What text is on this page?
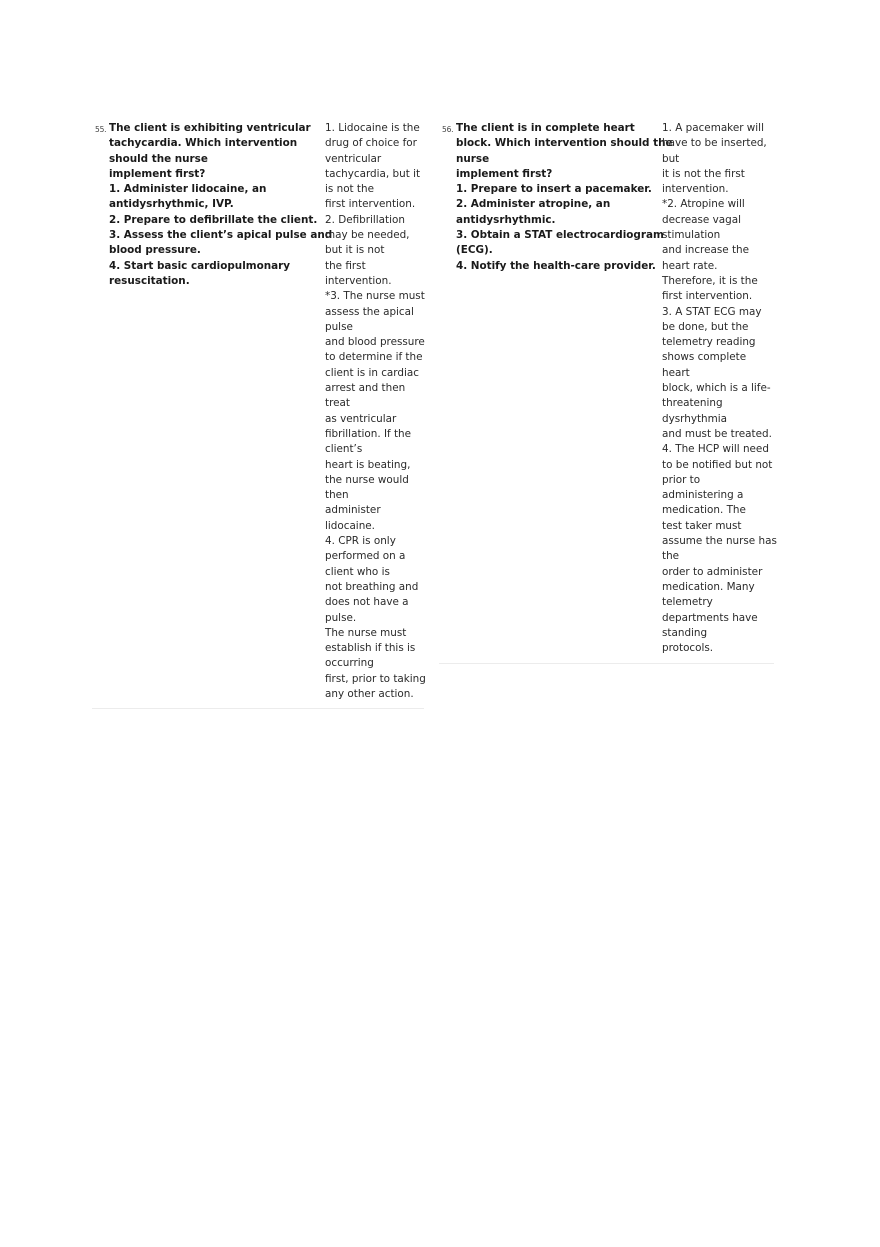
55. The client is exhibiting ventricular
tachycardia. Which intervention
should the nurse
implement first?
1. Administer lidocaine, an
antidysrhythmic, IVP.
2. Prepare to defibrillate the client.
3. Assess the client’s apical pulse and
blood pressure.
4. Start basic cardiopulmonary
resuscitation.
1. Lidocaine is the
drug of choice for
ventricular
tachycardia, but it
is not the
first intervention.
2. Defibrillation
may be needed,
but it is not
the first
intervention.
*3. The nurse must
assess the apical
pulse
and blood pressure
to determine if the
client is in cardiac
arrest and then
treat
as ventricular
fibrillation. If the
client’s
heart is beating,
the nurse would
then
administer
lidocaine.
4. CPR is only
performed on a
client who is
not breathing and
does not have a
pulse.
The nurse must
establish if this is
occurring
first, prior to taking
any other action.
56. The client is in complete heart
block. Which intervention should the
nurse
implement first?
1. Prepare to insert a pacemaker.
2. Administer atropine, an
antidysrhythmic.
3. Obtain a STAT electrocardiogram
(ECG).
4. Notify the health-care provider.
1. A pacemaker will
have to be inserted,
but
it is not the first
intervention.
*2. Atropine will
decrease vagal
stimulation
and increase the
heart rate.
Therefore, it is the
first intervention.
3. A STAT ECG may
be done, but the
telemetry reading
shows complete
heart
block, which is a life-
threatening
dysrhythmia
and must be treated.
4. The HCP will need
to be notified but not
prior to
administering a
medication. The
test taker must
assume the nurse has
the
order to administer
medication. Many
telemetry
departments have
standing
protocols.
